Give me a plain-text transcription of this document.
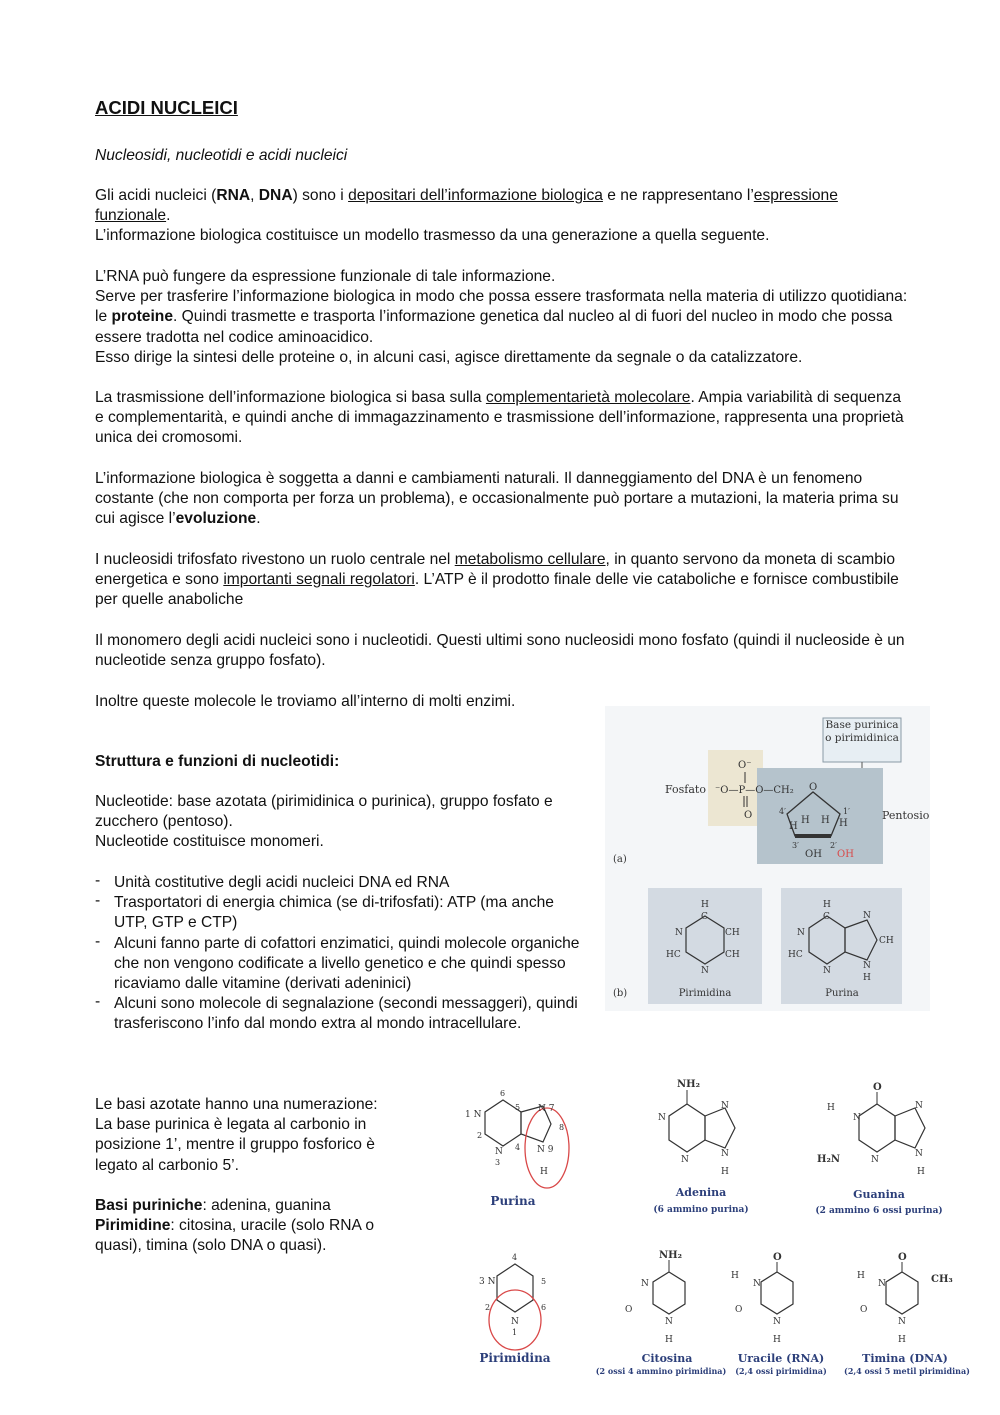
ACIDI NUCLEICI
Nucleosidi, nucleotidi e acidi nucleici
Gli acidi nucleici (RNA, DNA) sono i depositari dell’informazione biologica e ne rappresentano l’espressione funzionale.
L’informazione biologica costituisce un modello trasmesso da una generazione a quella seguente.
L’RNA può fungere da espressione funzionale di tale informazione.
Serve per trasferire l’informazione biologica in modo che possa essere trasformata nella materia di utilizzo quotidiana: le proteine. Quindi trasmette e trasporta l’informazione genetica dal nucleo al di fuori del nucleo in modo che possa essere tradotta nel codice aminoacidico.
Esso dirige la sintesi delle proteine o, in alcuni casi, agisce direttamente da segnale o da catalizzatore.
La trasmissione dell’informazione biologica si basa sulla complementarietà molecolare. Ampia variabilità di sequenza e complementarità, e quindi anche di immagazzinamento e trasmissione dell’informazione, rappresenta una proprietà unica dei cromosomi.
L’informazione biologica è soggetta a danni e cambiamenti naturali. Il danneggiamento del DNA è un fenomeno costante (che non comporta per forza un problema), e occasionalmente può portare a mutazioni, la materia prima su cui agisce l’evoluzione.
I nucleosidi trifosfato rivestono un ruolo centrale nel metabolismo cellulare, in quanto servono da moneta di scambio energetica e sono importanti segnali regolatori. L’ATP è il prodotto finale delle vie cataboliche e fornisce combustibile per quelle anaboliche
Il monomero degli acidi nucleici sono i nucleotidi. Questi ultimi sono nucleosidi mono fosfato (quindi il nucleoside è un nucleotide senza gruppo fosfato).
Inoltre queste molecole le troviamo all’interno di molti enzimi.
Struttura e funzioni di nucleotidi:
Nucleotide: base azotata (pirimidinica o purinica), gruppo fosfato e zucchero (pentoso).
Nucleotide costituisce monomeri.
- Unità costitutive degli acidi nucleici DNA ed RNA
- Trasportatori di energia chimica (se di-trifosfati): ATP (ma anche UTP, GTP e CTP)
- Alcuni fanno parte di cofattori enzimatici, quindi molecole organiche che non vengono codificate a livello genetico e che quindi spesso ricaviamo dalle vitamine (derivati adeninici)
- Alcuni sono molecole di segnalazione (secondi messaggeri), quindi trasferiscono l’info dal mondo extra al mondo intracellulare.
Le basi azotate hanno una numerazione:
La base purinica è legata al carbonio in posizione 1’, mentre il gruppo fosforico è legato al carbonio 5’.
Basi puriniche: adenina, guanina
Pirimidine: citosina, uracile (solo RNA o quasi), timina (solo DNA o quasi).
Base purinica o pirimidinica
Fosfato
Pentosio
O⁻
⁻O—P—O—CH₂
O
O
4′	1′
3′	2′
H	H
H H
OH OH
(a)
(b)
H
C
N	CH
HC	CH
N
Pirimidina
H
C
N
HC
N
N
CH
N
H
Purina
1 N
6
5 N 7
8
N 9
H
2
N
3
4
Purina
NH₂
N
N
N
N
H
Adenina
(6 ammino purina)
O
H
N
N
H₂N	N
N
H
Guanina
(2 ammino 6 ossi purina)
4
3 N	5
2	6
N
1
Pirimidina
NH₂
N
O
N
H
Citosina
(2 ossi 4 ammino pirimidina)
O
H
N
O
N
H
Uracile (RNA)
(2,4 ossi pirimidina)
O
H
N	CH₃
O
N
H
Timina (DNA)
(2,4 ossi 5 metil pirimidina)
